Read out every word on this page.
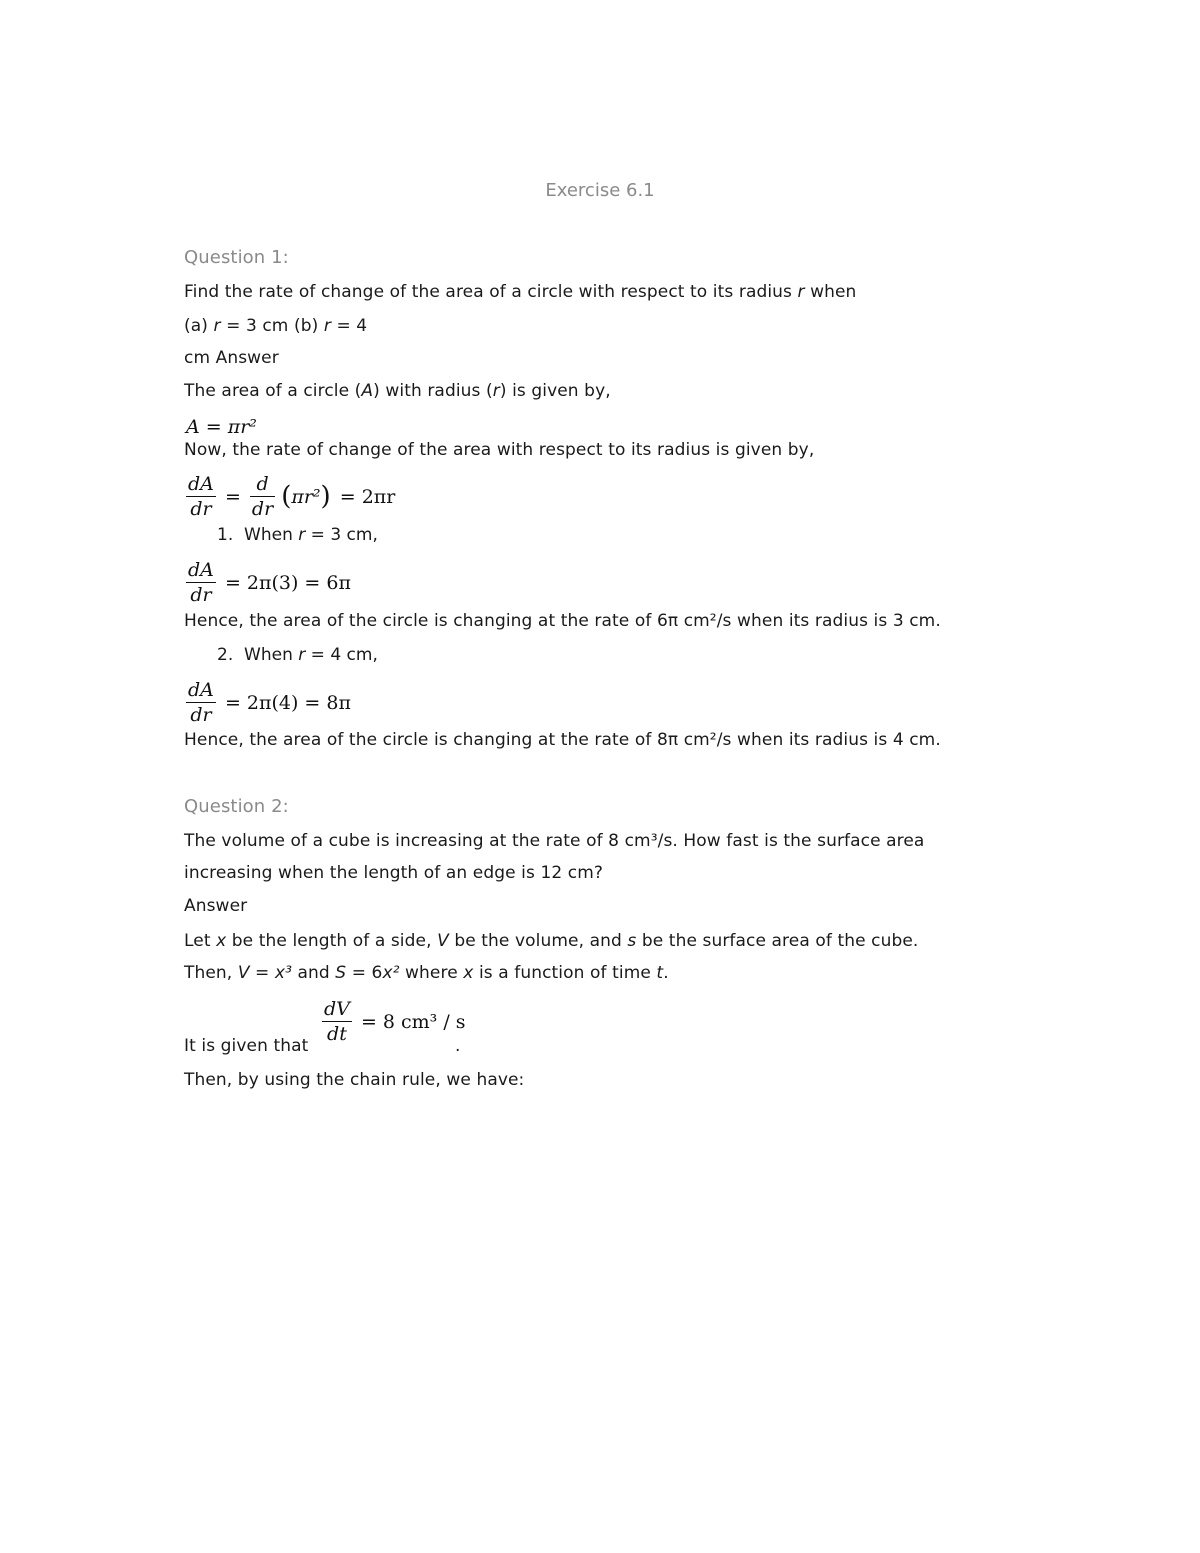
Exercise 6.1
Question 1:
Find the rate of change of the area of a circle with respect to its radius r when
(a) r = 3 cm (b) r = 4
cm Answer
The area of a circle (A) with radius (r) is given by,
A = πr²
Now, the rate of change of the area with respect to its radius is given by,
$\frac{dA}{dr} = \frac{d}{dr} (\pi r^2) = 2\pi r$
1. When r = 3 cm,
$\frac{dA}{dr} = 2\pi(3) = 6\pi$
Hence, the area of the circle is changing at the rate of 6π cm²/s when its radius is 3 cm.
2. When r = 4 cm,
$\frac{dA}{dr} = 2\pi(4) = 8\pi$
Hence, the area of the circle is changing at the rate of 8π cm²/s when its radius is 4 cm.
Question 2:
The volume of a cube is increasing at the rate of 8 cm³/s. How fast is the surface area
increasing when the length of an edge is 12 cm?
Answer
Let x be the length of a side, V be the volume, and s be the surface area of the cube.
Then, V = x³ and S = 6x² where x is a function of time t.
It is given that $\frac{dV}{dt} = 8$ cm³ / s
.
Then, by using the chain rule, we have:
